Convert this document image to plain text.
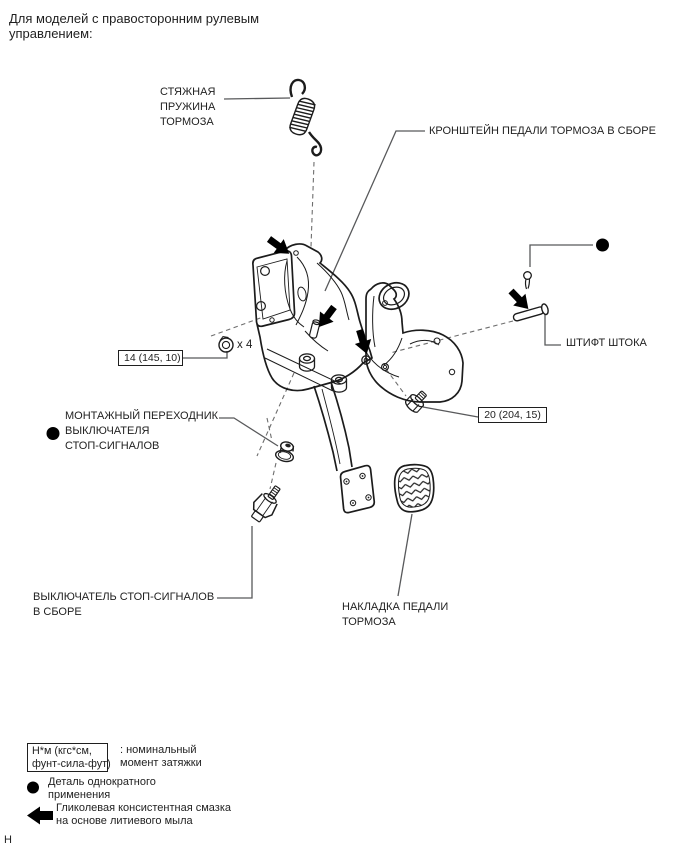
Для моделей с правосторонним рулевым
управлением:
СТЯЖНАЯ
ПРУЖИНА
ТОРМОЗА
КРОНШТЕЙН ПЕДАЛИ ТОРМОЗА В СБОРЕ
ШТИФТ ШТОКА
14 (145, 10)
x 4
20 (204, 15)
МОНТАЖНЫЙ ПЕРЕХОДНИК
ВЫКЛЮЧАТЕЛЯ
СТОП-СИГНАЛОВ
ВЫКЛЮЧАТЕЛЬ СТОП-СИГНАЛОВ
В СБОРЕ	НАКЛАДКА ПЕДАЛИ
ТОРМОЗА
Н*м (кгс*см,
фунт-сила-фут)
: номинальный
момент затяжки
Деталь однократного
применения
Гликолевая консистентная смазка
на основе литиевого мыла
Н
